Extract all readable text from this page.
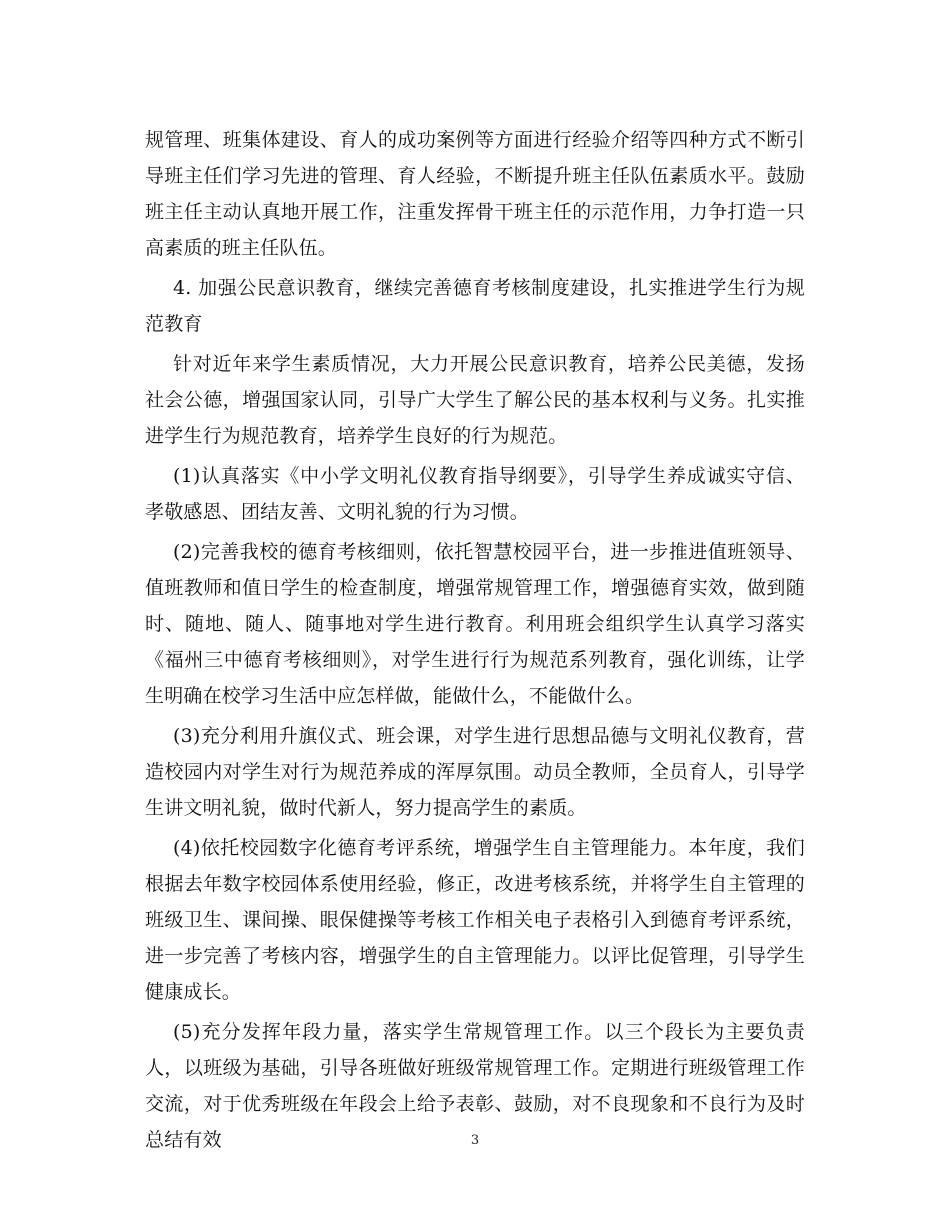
规管理、班集体建设、育人的成功案例等方面进行经验介绍等四种方式不断引导班主任们学习先进的管理、育人经验，不断提升班主任队伍素质水平。鼓励班主任主动认真地开展工作，注重发挥骨干班主任的示范作用，力争打造一只高素质的班主任队伍。

4. 加强公民意识教育，继续完善德育考核制度建设，扎实推进学生行为规范教育

针对近年来学生素质情况，大力开展公民意识教育，培养公民美德，发扬社会公德，增强国家认同，引导广大学生了解公民的基本权利与义务。扎实推进学生行为规范教育，培养学生良好的行为规范。

(1)认真落实《中小学文明礼仪教育指导纲要》，引导学生养成诚实守信、孝敬感恩、团结友善、文明礼貌的行为习惯。

(2)完善我校的德育考核细则，依托智慧校园平台，进一步推进值班领导、值班教师和值日学生的检查制度，增强常规管理工作，增强德育实效，做到随时、随地、随人、随事地对学生进行教育。利用班会组织学生认真学习落实《福州三中德育考核细则》，对学生进行行为规范系列教育，强化训练，让学生明确在校学习生活中应怎样做，能做什么，不能做什么。

(3)充分利用升旗仪式、班会课，对学生进行思想品德与文明礼仪教育，营造校园内对学生对行为规范养成的浑厚氛围。动员全教师，全员育人，引导学生讲文明礼貌，做时代新人，努力提高学生的素质。

(4)依托校园数字化德育考评系统，增强学生自主管理能力。本年度，我们根据去年数字校园体系使用经验，修正，改进考核系统，并将学生自主管理的班级卫生、课间操、眼保健操等考核工作相关电子表格引入到德育考评系统，进一步完善了考核内容，增强学生的自主管理能力。以评比促管理，引导学生健康成长。

(5)充分发挥年段力量，落实学生常规管理工作。以三个段长为主要负责人，以班级为基础，引导各班做好班级常规管理工作。定期进行班级管理工作交流，对于优秀班级在年段会上给予表彰、鼓励，对不良现象和不良行为及时总结有效	3
